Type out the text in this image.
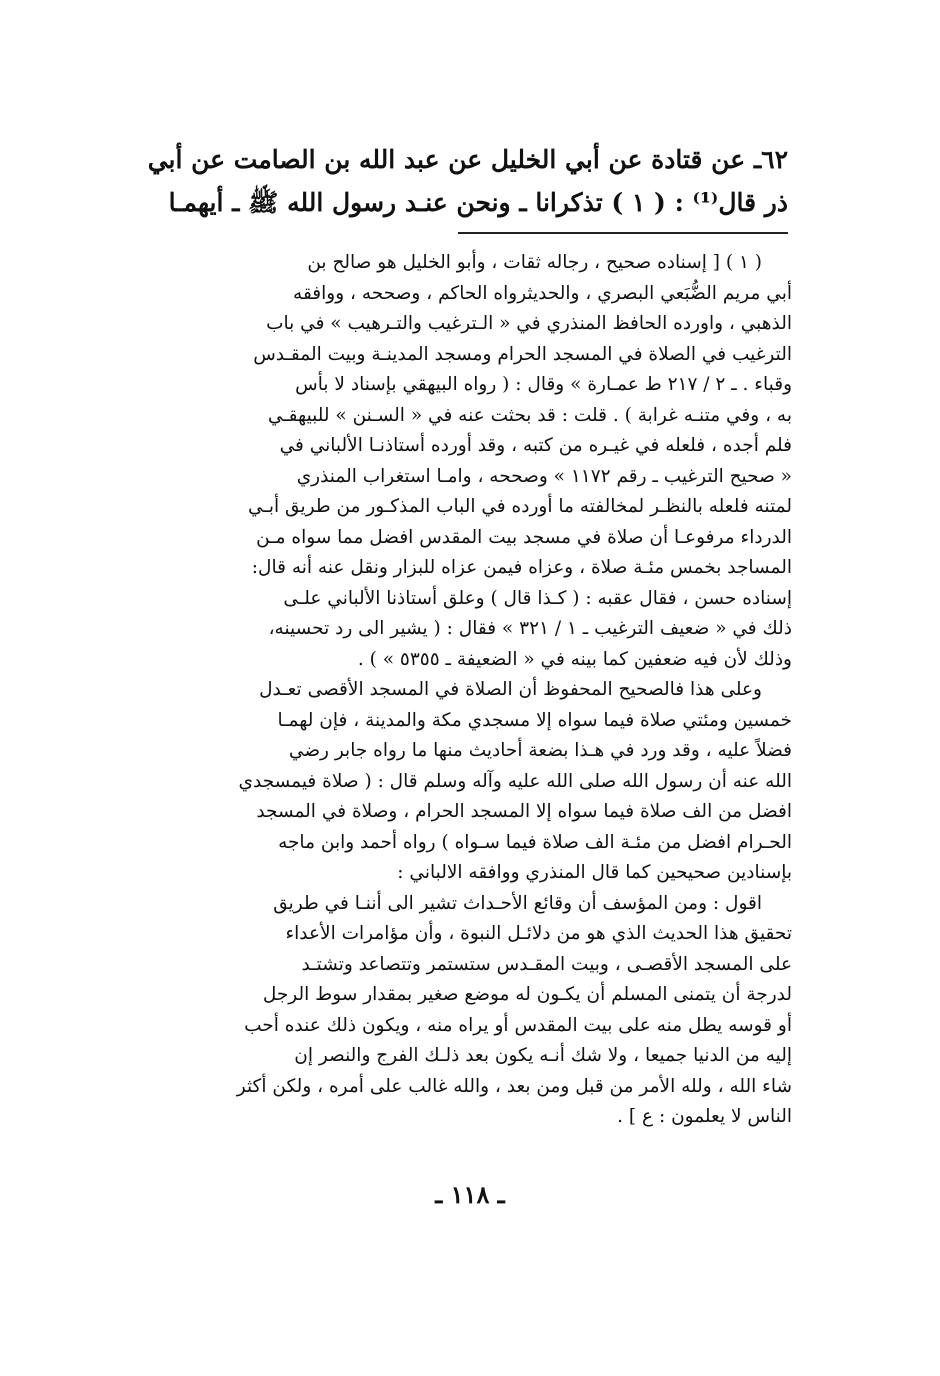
٦٢ـ عن قتادة عن أبي الخليل عن عبد الله بن الصامت عن أبي
ذر قال⁽¹⁾ : ( ١ ) تذكرانا ـ ونحن عنـد رسول الله ﷺ ـ أيهمـا
( ١ ) [ إسناده صحيح ، رجاله ثقات ، وأبو الخليل هو صالح بن
أبي مريم الضُّبَعي البصري ، والحديثرواه الحاكم ، وصححه ، ووافقه
الذهبي ، واورده الحافظ المنذري في « الـترغيب والتـرهيب » في باب
الترغيب في الصلاة في المسجد الحرام ومسجد المدينـة وبيت المقـدس
وقباء . ـ ٢ / ٢١٧ ط عمـارة » وقال : ( رواه البيهقي بإسناد لا بأس
به ، وفي متنـه غرابة ) . قلت : قد بحثت عنه في « السـنن » للبيهقـي
فلم أجده ، فلعله في غيـره من كتبه ، وقد أورده أستاذنـا الألباني في
« صحيح الترغيب ـ رقم ١١٧٢ » وصححه ، وامـا استغراب المنذري
لمتنه فلعله بالنظـر لمخالفته ما أورده في الباب المذكـور من طريق أبـي
الدرداء مرفوعـا أن صلاة في مسجد بيت المقدس افضل مما سواه مـن
المساجد بخمس مئـة صلاة ، وعزاه فيمن عزاه للبزار ونقل عنه أنه قال:
إسناده حسن ، فقال عقبه : ( كـذا قال ) وعلق أستاذنا الألباني علـى
ذلك في « ضعيف الترغيب ـ ١ / ٣٢١ » فقال : ( يشير الى رد تحسينه،
وذلك لأن فيه ضعفين كما بينه في « الضعيفة ـ ٥٣٥٥ » ) .
وعلى هذا فالصحيح المحفوظ أن الصلاة في المسجد الأقصى تعـدل
خمسين ومئتي صلاة فيما سواه إلا مسجدي مكة والمدينة ، فإن لهمـا
فضلاً عليه ، وقد ورد في هـذا بضعة أحاديث منها ما رواه جابر رضي
الله عنه أن رسول الله صلى الله عليه وآله وسلم قال : ( صلاة فيمسجدي
افضل من الف صلاة فيما سواه إلا المسجد الحرام ، وصلاة في المسجد
الحـرام افضل من مئـة الف صلاة فيما سـواه ) رواه أحمد وابن ماجه
بإسنادين صحيحين كما قال المنذري ووافقه الالباني :
اقول : ومن المؤسف أن وقائع الأحـداث تشير الى أننـا في طريق
تحقيق هذا الحديث الذي هو من دلائـل النبوة ، وأن مؤامرات الأعداء
على المسجد الأقصـى ، وبيت المقـدس ستستمر وتتصاعد وتشتـد
لدرجة أن يتمنى المسلم أن يكـون له موضع صغير بمقدار سوط الرجل
أو قوسه يطل منه على بيت المقدس أو يراه منه ، ويكون ذلك عنده أحب
إليه من الدنيا جميعا ، ولا شك أنـه يكون بعد ذلـك الفرج والنصر إن
شاء الله ، ولله الأمر من قبل ومن بعد ، والله غالب على أمره ، ولكن أكثر
الناس لا يعلمون : ع ] .
ـ ١١٨ ـ
